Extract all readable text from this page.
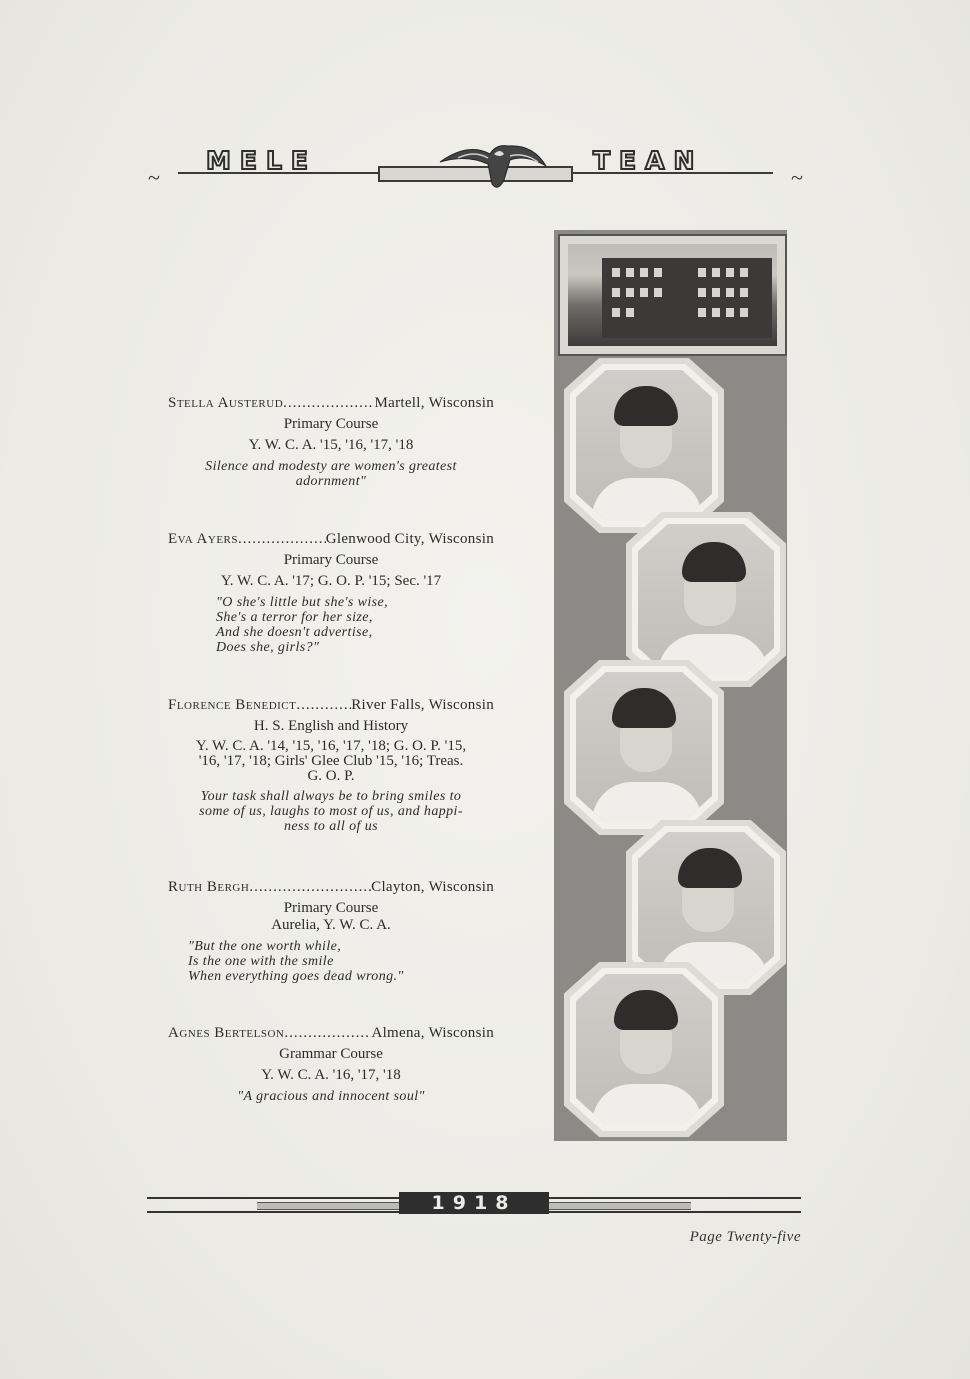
~	~
MELE	TEAN
Stella Austerud .....	Martell, Wisconsin
Primary Course
Y. W. C. A. '15, '16, '17, '18
Silence and modesty are women's greatest
adornment"
Eva Ayers .....	Glenwood City, Wisconsin
Primary Course
Y. W. C. A. '17; G. O. P. '15; Sec. '17
"O she's little but she's wise,
She's a terror for her size,
And she doesn't advertise,
Does she, girls?"
Florence Benedict .....	River Falls, Wisconsin
H. S. English and History
Y. W. C. A. '14, '15, '16, '17, '18; G. O. P. '15,
'16, '17, '18; Girls' Glee Club '15, '16; Treas.
G. O. P.
Your task shall always be to bring smiles to
some of us, laughs to most of us, and happi-
ness to all of us
Ruth Bergh .....	Clayton, Wisconsin
Primary Course
Aurelia, Y. W. C. A.
"But the one worth while,
Is the one with the smile
When everything goes dead wrong."
Agnes Bertelson .....	Almena, Wisconsin
Grammar Course
Y. W. C. A. '16, '17, '18
"A gracious and innocent soul"
1918
Page Twenty-five
